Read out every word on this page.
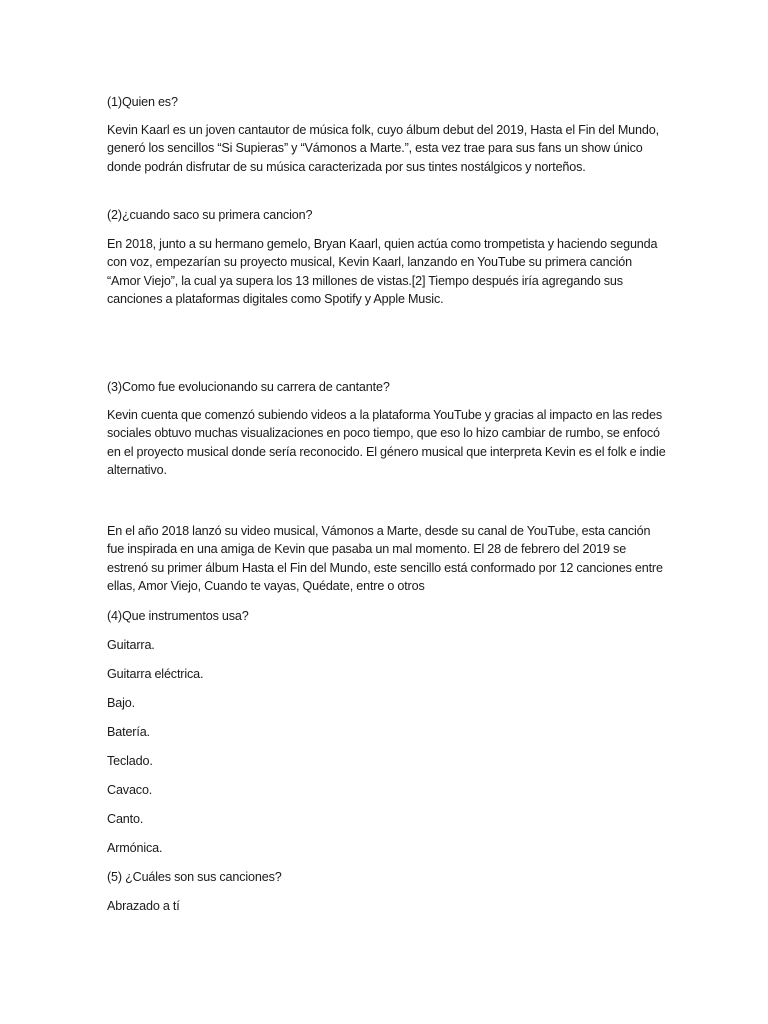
(1)Quien es?

Kevin Kaarl es un joven cantautor de música folk, cuyo álbum debut del 2019, Hasta el Fin del Mundo, generó los sencillos “Si Supieras” y “Vámonos a Marte.”, esta vez trae para sus fans un show único donde podrán disfrutar de su música caracterizada por sus tintes nostálgicos y norteños.

(2)¿cuando saco su primera cancion?

En 2018, junto a su hermano gemelo, Bryan Kaarl, quien actúa como trompetista y haciendo segunda con voz, empezarían su proyecto musical, Kevin Kaarl, lanzando en YouTube su primera canción “Amor Viejo”, la cual ya supera los 13 millones de vistas.[2] Tiempo después iría agregando sus canciones a plataformas digitales como Spotify y Apple Music.

(3)Como fue evolucionando su carrera de cantante?

Kevin cuenta que comenzó subiendo videos a la plataforma YouTube y gracias al impacto en las redes sociales obtuvo muchas visualizaciones en poco tiempo, que eso lo hizo cambiar de rumbo, se enfocó en el proyecto musical donde sería reconocido. El género musical que interpreta Kevin es el folk e indie alternativo.

En el año 2018 lanzó su video musical, Vámonos a Marte, desde su canal de YouTube, esta canción fue inspirada en una amiga de Kevin que pasaba un mal momento. El 28 de febrero del 2019 se estrenó su primer álbum Hasta el Fin del Mundo, este sencillo está conformado por 12 canciones entre ellas, Amor Viejo, Cuando te vayas, Quédate, entre o otros

(4)Que instrumentos usa?

Guitarra.

Guitarra eléctrica.

Bajo.

Batería.

Teclado.

Cavaco.

Canto.

Armónica.

(5) ¿Cuáles son sus canciones?

Abrazado a tí
